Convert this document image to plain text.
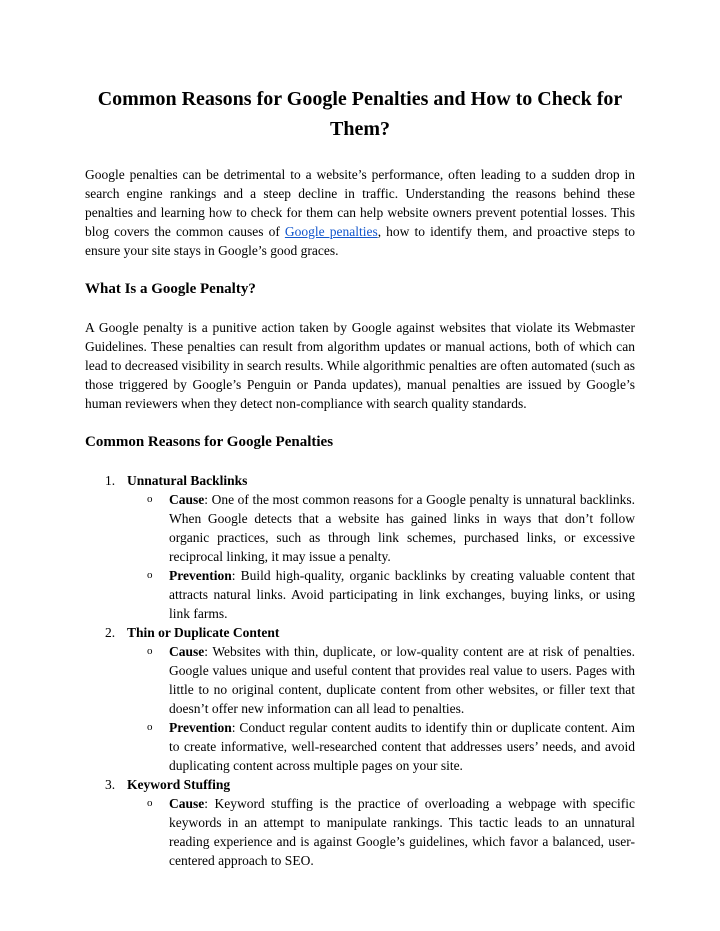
Common Reasons for Google Penalties and How to Check for Them?

Google penalties can be detrimental to a website’s performance, often leading to a sudden drop in search engine rankings and a steep decline in traffic. Understanding the reasons behind these penalties and learning how to check for them can help website owners prevent potential losses. This blog covers the common causes of Google penalties, how to identify them, and proactive steps to ensure your site stays in Google’s good graces.

What Is a Google Penalty?

A Google penalty is a punitive action taken by Google against websites that violate its Webmaster Guidelines. These penalties can result from algorithm updates or manual actions, both of which can lead to decreased visibility in search results. While algorithmic penalties are often automated (such as those triggered by Google’s Penguin or Panda updates), manual penalties are issued by Google’s human reviewers when they detect non-compliance with search quality standards.

Common Reasons for Google Penalties
1. Unnatural Backlinks
o Cause: One of the most common reasons for a Google penalty is unnatural backlinks. When Google detects that a website has gained links in ways that don’t follow organic practices, such as through link schemes, purchased links, or excessive reciprocal linking, it may issue a penalty.

o Prevention: Build high-quality, organic backlinks by creating valuable content that attracts natural links. Avoid participating in link exchanges, buying links, or using link farms.

2. Thin or Duplicate Content
o Cause: Websites with thin, duplicate, or low-quality content are at risk of penalties. Google values unique and useful content that provides real value to users. Pages with little to no original content, duplicate content from other websites, or filler text that doesn’t offer new information can all lead to penalties.

o Prevention: Conduct regular content audits to identify thin or duplicate content. Aim to create informative, well-researched content that addresses users’ needs, and avoid duplicating content across multiple pages on your site.

3. Keyword Stuffing
o Cause: Keyword stuffing is the practice of overloading a webpage with specific keywords in an attempt to manipulate rankings. This tactic leads to an unnatural reading experience and is against Google’s guidelines, which favor a balanced, user-centered approach to SEO.
